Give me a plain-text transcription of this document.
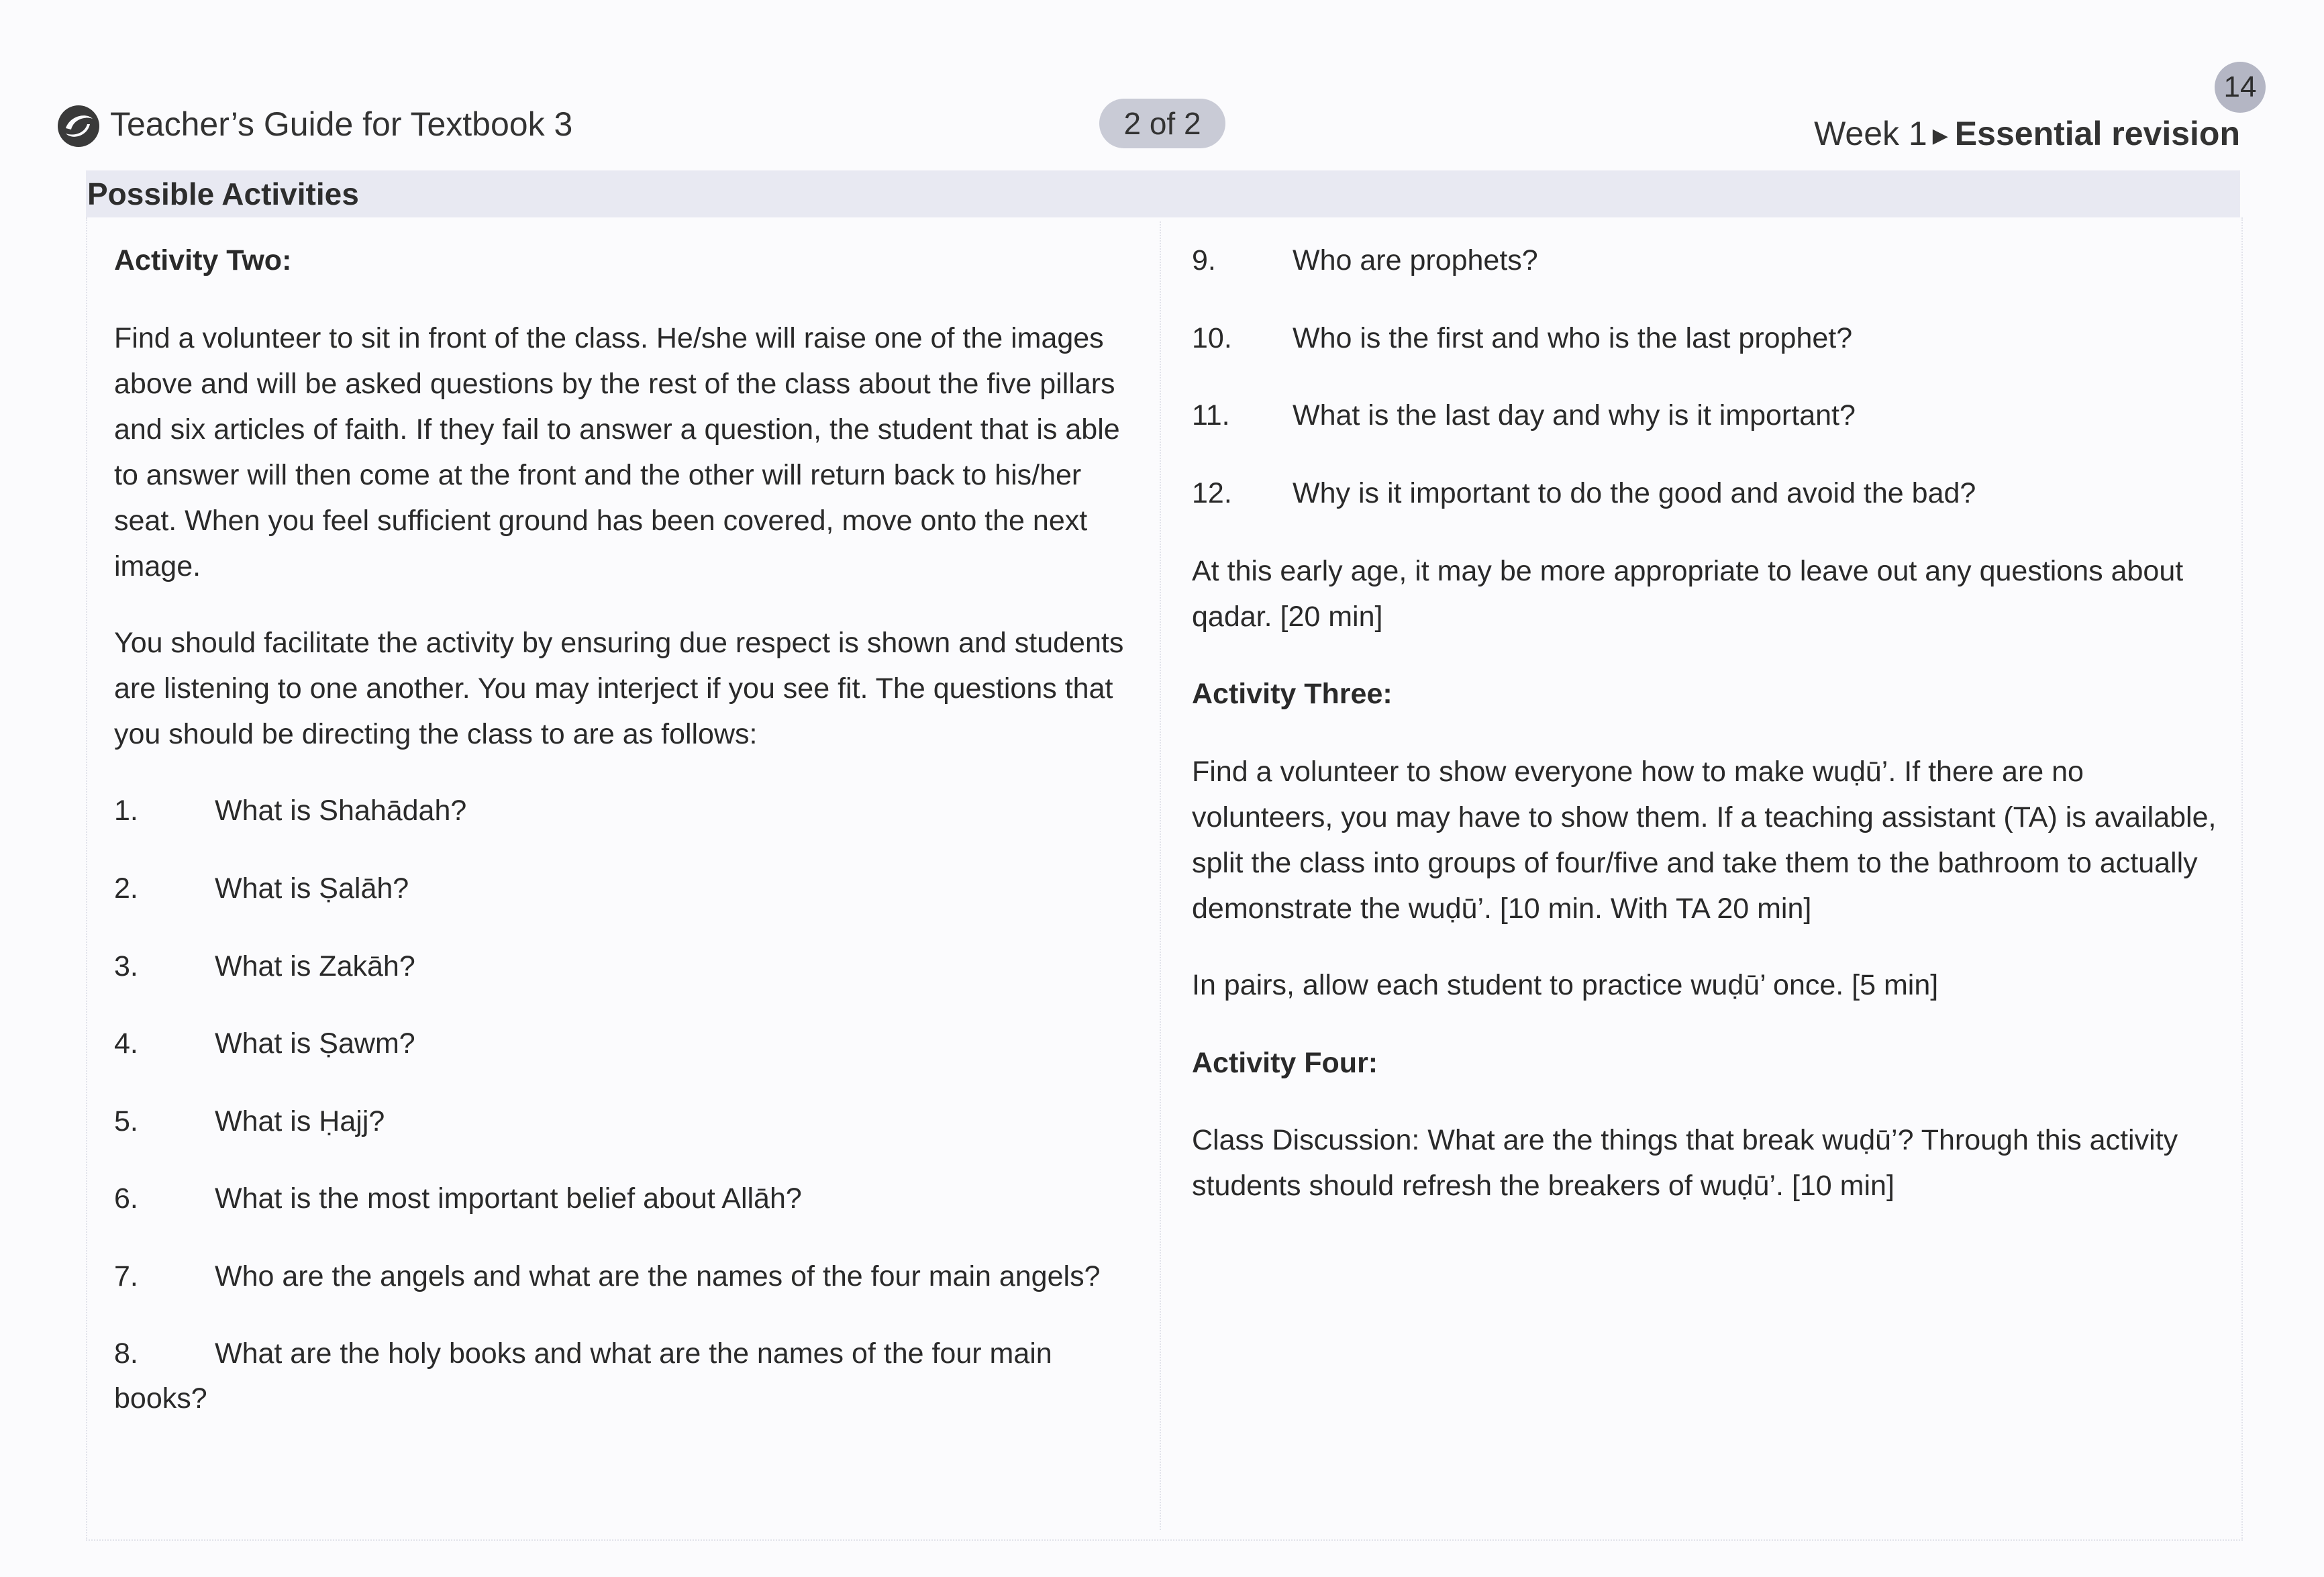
Teacher’s Guide for Textbook 3	2 of 2
14
Week 1 ▶ Essential revision
Possible Activities
Activity Two:
Find a volunteer to sit in front of the class. He/she will raise one of the images above and will be asked questions by the rest of the class about the five pillars and six articles of faith. If they fail to answer a question, the student that is able to answer will then come at the front and the other will return back to his/her seat. When you feel sufficient ground has been covered, move onto the next image.
You should facilitate the activity by ensuring due respect is shown and students are listening to one another. You may interject if you see fit. The questions that you should be directing the class to are as follows:
1.	What is Shahādah?
2.	What is Ṣalāh?
3.	What is Zakāh?
4.	What is Ṣawm?
5.	What is Ḥajj?
6.	What is the most important belief about Allāh?
7.	Who are the angels and what are the names of the four main angels?
8.	What are the holy books and what are the names of the four main
books?
9.	Who are prophets?
10. Who is the first and who is the last prophet?
11. What is the last day and why is it important?
12. Why is it important to do the good and avoid the bad?
At this early age, it may be more appropriate to leave out any questions about qadar. [20 min]
Activity Three:
Find a volunteer to show everyone how to make wuḍū’. If there are no volunteers, you may have to show them. If a teaching assistant (TA) is available, split the class into groups of four/five and take them to the bathroom to actually demonstrate the wuḍū’. [10 min. With TA 20 min]
In pairs, allow each student to practice wuḍū’ once. [5 min]
Activity Four:
Class Discussion: What are the things that break wuḍū’? Through this activity students should refresh the breakers of wuḍū’. [10 min]
